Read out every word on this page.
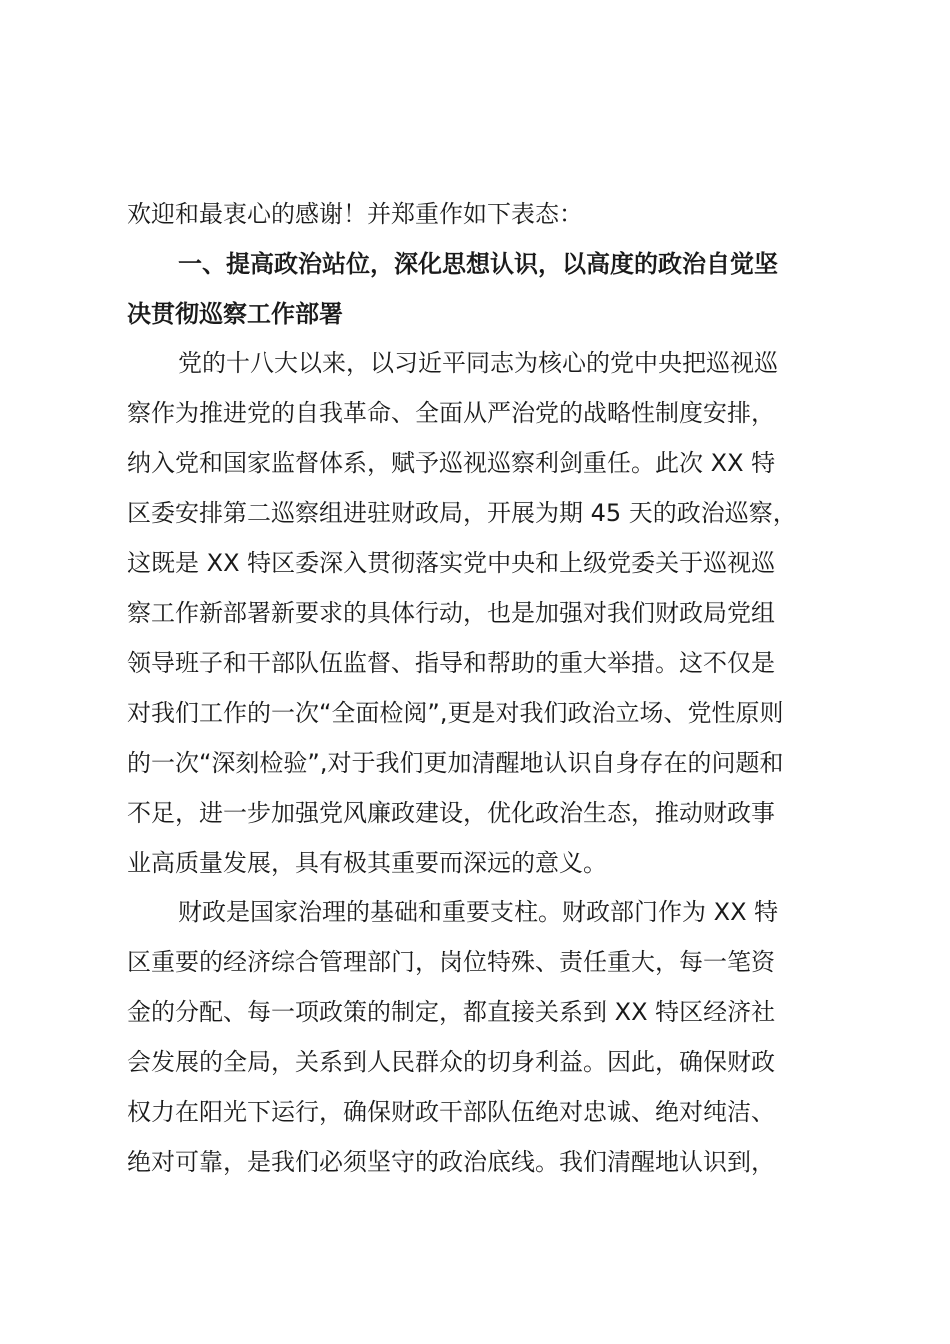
欢迎和最衷心的感谢！并郑重作如下表态：
一、提高政治站位，深化思想认识，以高度的政治自觉坚
决贯彻巡察工作部署
党的十八大以来，以习近平同志为核心的党中央把巡视巡
察作为推进党的自我革命、全面从严治党的战略性制度安排，
纳入党和国家监督体系，赋予巡视巡察利剑重任。此次 XX 特
区委安排第二巡察组进驻财政局，开展为期 45 天的政治巡察，
这既是 XX 特区委深入贯彻落实党中央和上级党委关于巡视巡
察工作新部署新要求的具体行动，也是加强对我们财政局党组
领导班子和干部队伍监督、指导和帮助的重大举措。这不仅是
对我们工作的一次“全面检阅”,更是对我们政治立场、党性原则
的一次“深刻检验”,对于我们更加清醒地认识自身存在的问题和
不足，进一步加强党风廉政建设，优化政治生态，推动财政事
业高质量发展，具有极其重要而深远的意义。
财政是国家治理的基础和重要支柱。财政部门作为 XX 特
区重要的经济综合管理部门，岗位特殊、责任重大，每一笔资
金的分配、每一项政策的制定，都直接关系到 XX 特区经济社
会发展的全局，关系到人民群众的切身利益。因此，确保财政
权力在阳光下运行，确保财政干部队伍绝对忠诚、绝对纯洁、
绝对可靠，是我们必须坚守的政治底线。我们清醒地认识到，
